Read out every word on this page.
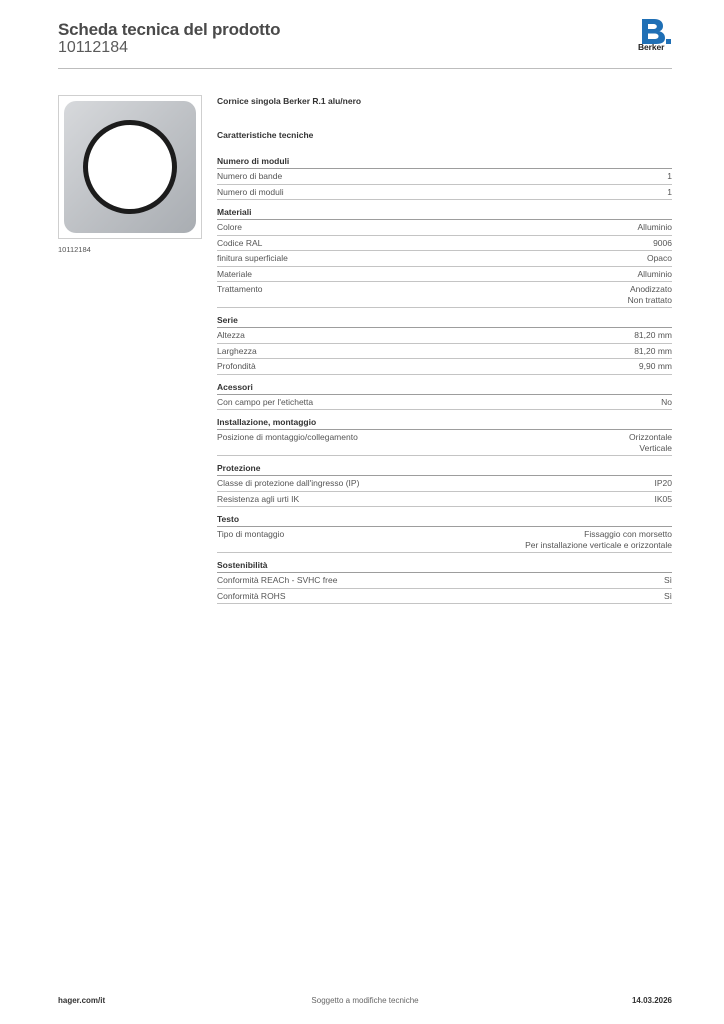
Scheda tecnica del prodotto
10112184	Berker
10112184
Cornice singola Berker R.1 alu/nero
Caratteristiche tecniche
Numero di moduli
Numero di bande	1
Numero di moduli	1
Materiali
Colore	Alluminio
Codice RAL	9006
finitura superficiale	Opaco
Materiale	Alluminio
Trattamento	Anodizzato
Non trattato
Serie
Altezza	81,20 mm
Larghezza	81,20 mm
Profondità	9,90 mm
Acessori
Con campo per l'etichetta	No
Installazione, montaggio
Posizione di montaggio/collegamento	Orizzontale
Verticale
Protezione
Classe di protezione dall'ingresso (IP)	IP20
Resistenza agli urti IK	IK05
Testo
Tipo di montaggio	Fissaggio con morsetto
Per installazione verticale e orizzontale
Sostenibilità
Conformità REACh - SVHC free	Sì
Conformità ROHS	Sì
hager.com/it	Soggetto a modifiche tecniche	14.03.2026
